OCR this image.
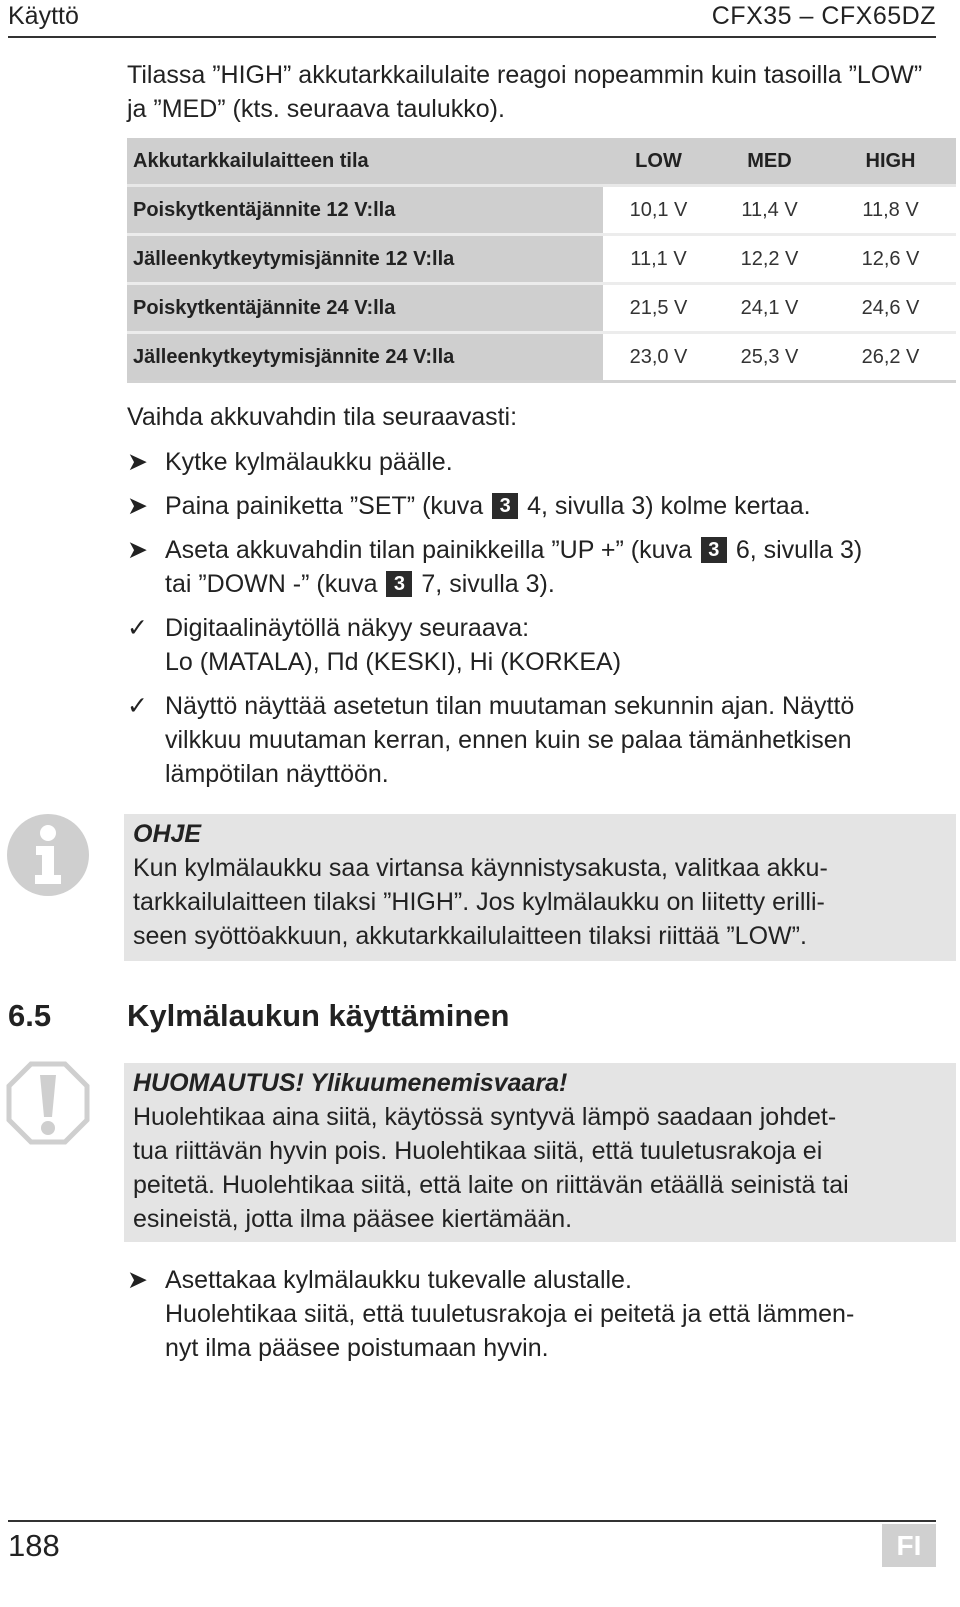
Käyttö	CFX35 – CFX65DZ
Tilassa ”HIGH” akkutarkkailulaite reagoi nopeammin kuin tasoilla ”LOW” ja ”MED” (kts. seuraava taulukko).
Akkutarkkailulaitteen tila	LOW	MED	HIGH
Poiskytkentäjännite 12 V:lla	10,1 V	11,4 V	11,8 V
Jälleenkytkeytymisjännite 12 V:lla	11,1 V	12,2 V	12,6 V
Poiskytkentäjännite 24 V:lla	21,5 V	24,1 V	24,6 V
Jälleenkytkeytymisjännite 24 V:lla	23,0 V	25,3 V	26,2 V
Vaihda akkuvahdin tila seuraavasti:
➤ Kytke kylmälaukku päälle.
➤ Paina painiketta ”SET” (kuva 3 4, sivulla 3) kolme kertaa.
➤ Aseta akkuvahdin tilan painikkeilla ”UP +” (kuva 3 6, sivulla 3)
tai ”DOWN -” (kuva 3 7, sivulla 3).
✓ Digitaalinäytöllä näkyy seuraava:
Lo (MATALA), Пd (KESKI), Hi (KORKEA)
✓ Näyttö näyttää asetetun tilan muutaman sekunnin ajan. Näyttö
vilkkuu muutaman kerran, ennen kuin se palaa tämänhetkisen
lämpötilan näyttöön.
OHJE
Kun kylmälaukku saa virtansa käynnistysakusta, valitkaa akku-
tarkkailulaitteen tilaksi ”HIGH”. Jos kylmälaukku on liitetty erilli-
seen syöttöakkuun, akkutarkkailulaitteen tilaksi riittää ”LOW”.
6.5 Kylmälaukun käyttäminen
HUOMAUTUS! Ylikuumenemisvaara!
Huolehtikaa aina siitä, käytössä syntyvä lämpö saadaan johdet-
tua riittävän hyvin pois. Huolehtikaa siitä, että tuuletusrakoja ei
peitetä. Huolehtikaa siitä, että laite on riittävän etäällä seinistä tai
esineistä, jotta ilma pääsee kiertämään.
➤ Asettakaa kylmälaukku tukevalle alustalle.
Huolehtikaa siitä, että tuuletusrakoja ei peitetä ja että lämmen-
nyt ilma pääsee poistumaan hyvin.
188	FI
